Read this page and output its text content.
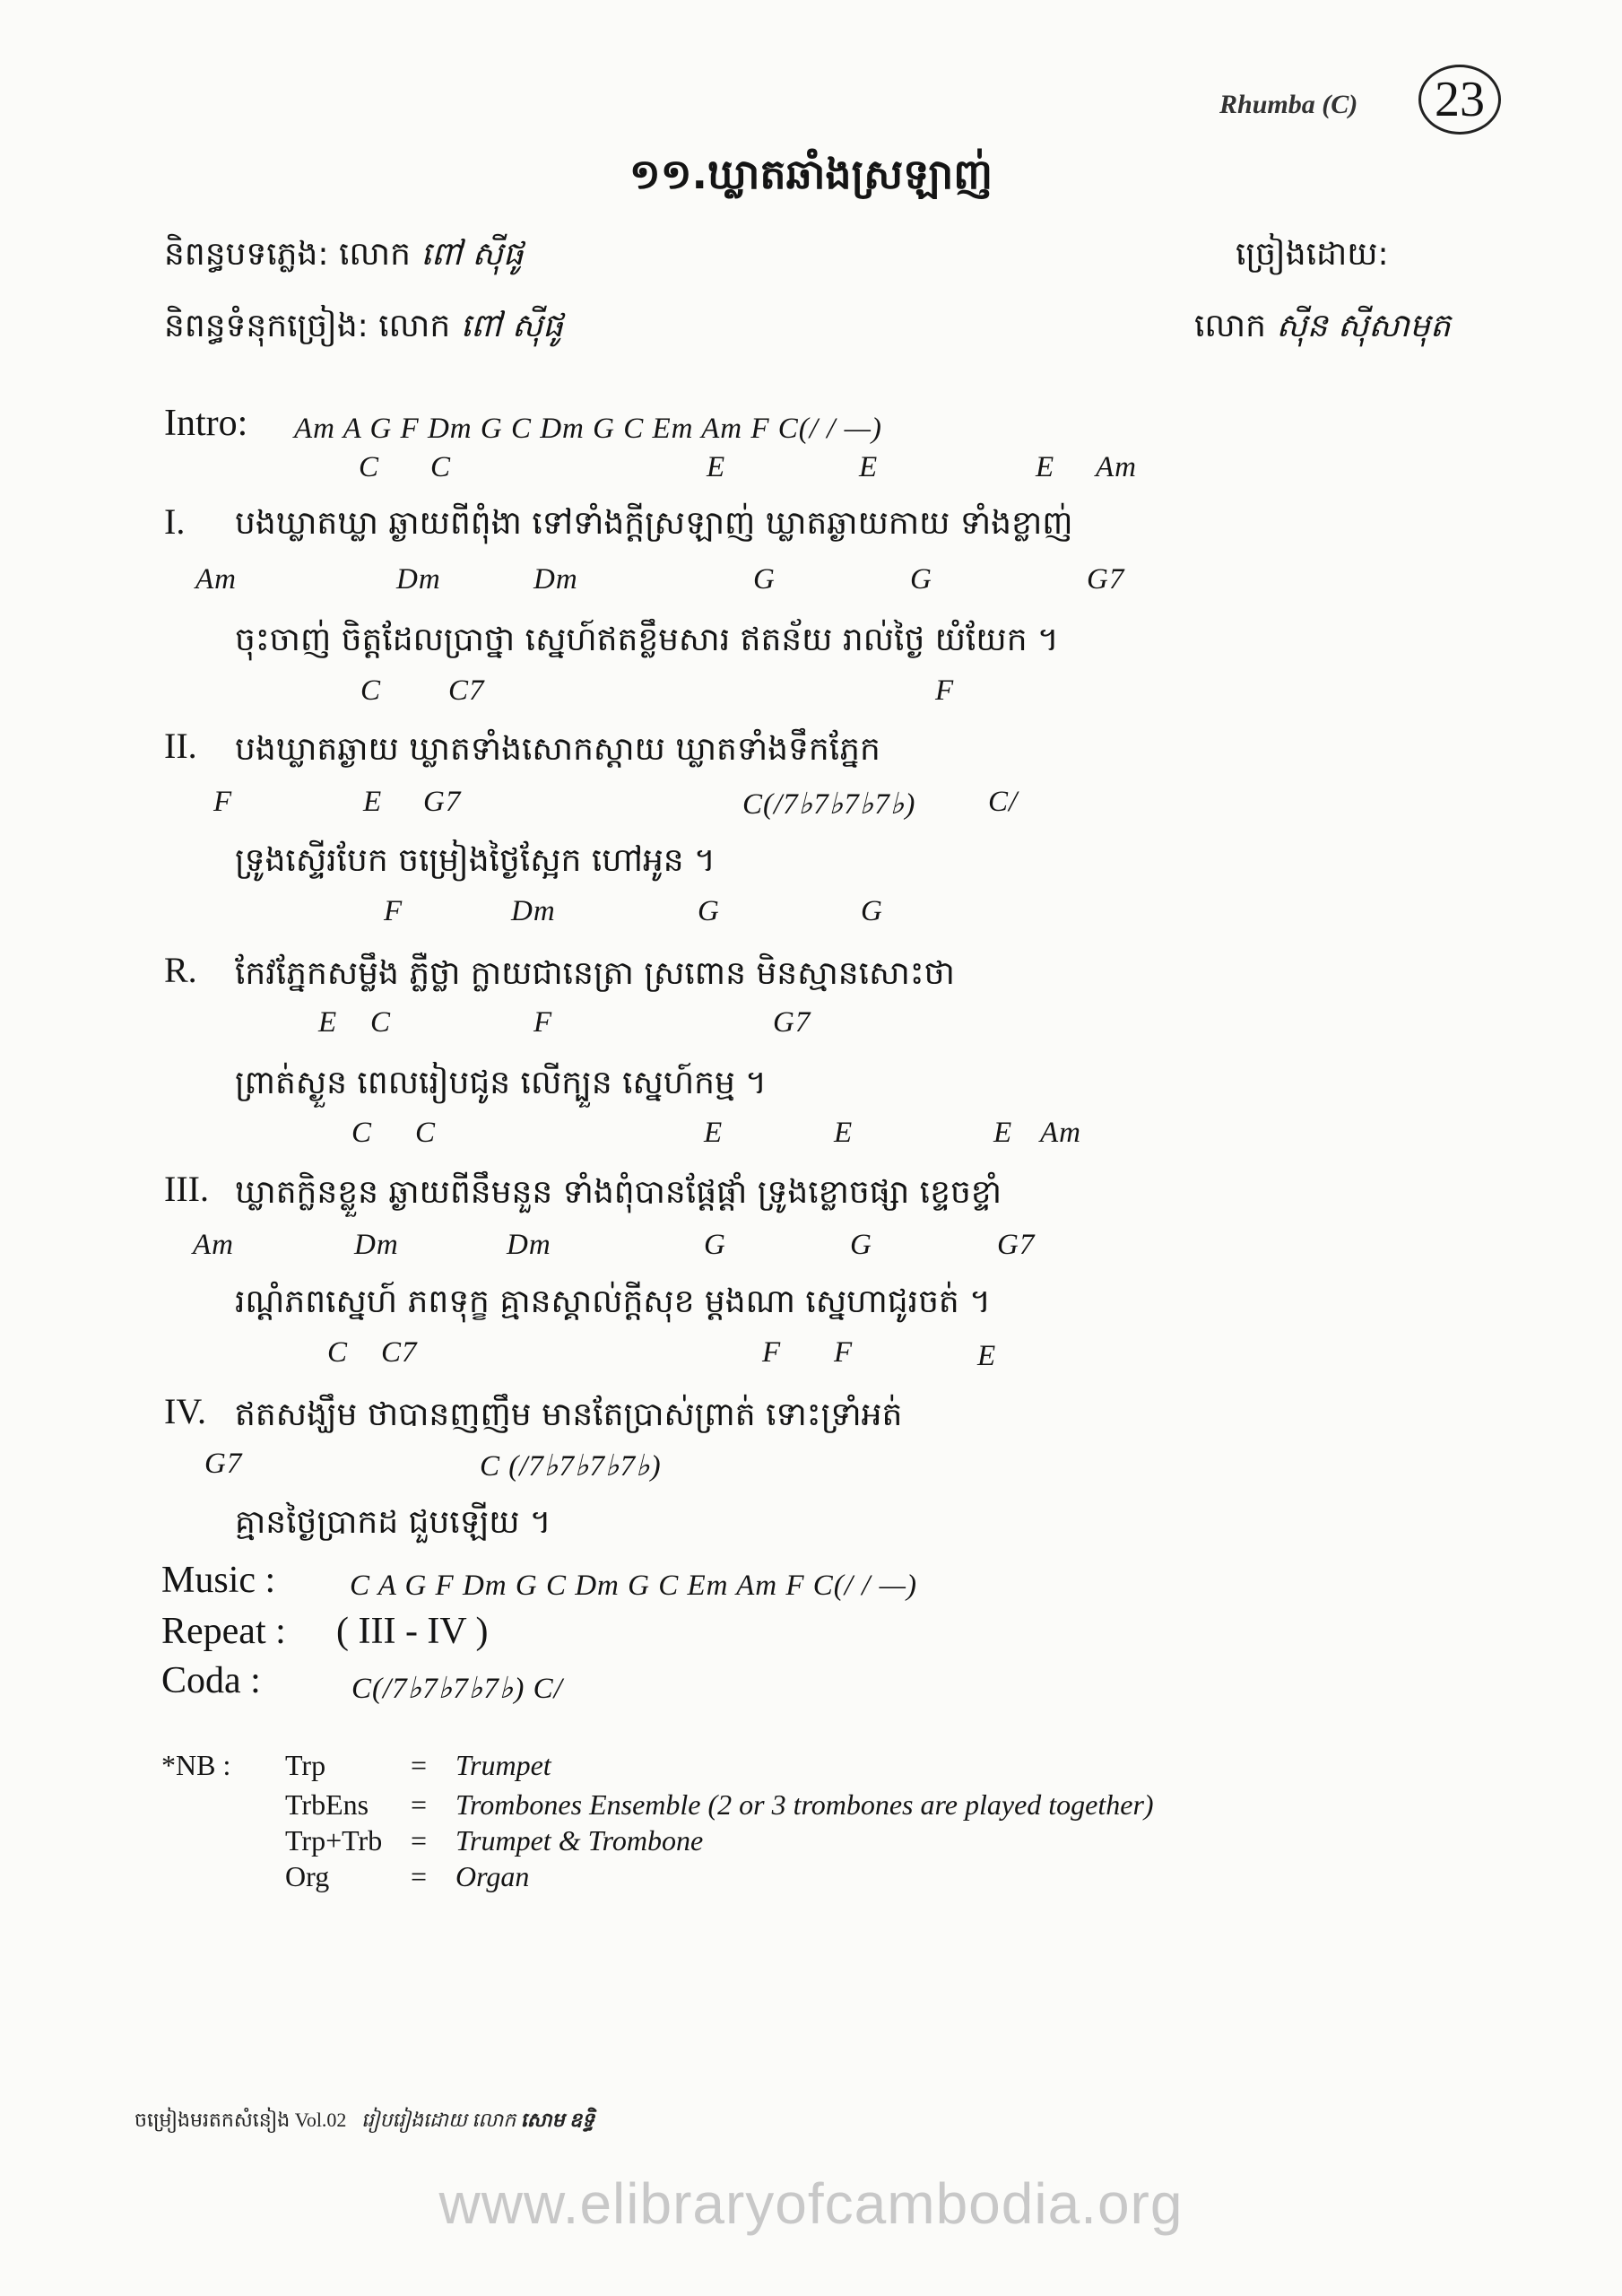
Rhumba (C)	23
១១.ឃ្លាតឆាំងស្រឡាញ់
និពន្ធបទភ្លេង: លោក ពៅ ស៊ីផូ
និពន្ធទំនុកច្រៀង: លោក ពៅ ស៊ីផូ
ច្រៀងដោយ:
លោក ស៊ីន ស៊ីសាមុត
Intro: Am A G F Dm G C Dm G C Em Am F C(/ / —)
C C	E	E	E Am
I. បងឃ្លាតឃ្លា ឆ្ងាយពីពុំងា ទៅទាំងក្តីស្រឡាញ់ ឃ្លាតឆ្ងាយកាយ ទាំងខ្លាញ់
Am	Dm	Dm	G	G	G7
ចុះចាញ់ ចិត្តដែលប្រាថ្នា ស្នេហ៍ឥតខ្លឹមសារ ឥតន័យ រាល់ថ្ងៃ យំយែក ។
C C7	F
II. បងឃ្លាតឆ្ងាយ ឃ្លាតទាំងសោកស្តាយ ឃ្លាតទាំងទឹកភ្នែក
F	E G7	C(/7♭7♭7♭7♭) C/
ទ្រូងស្ទើរបែក ចម្រៀងថ្ងៃស្អែក ហៅអូន ។
F	Dm	G	G
R. កែវភ្នែកសម្លឹង ភ្លឺថ្លា ក្លាយជានេត្រា ស្រពោន មិនស្មានសោះថា
E C	F	G7
ព្រាត់ស្ងួន ពេលរៀបជូន លើក្បួន ស្នេហ៍កម្ម ។
C C	E	E	E Am
III. ឃ្លាតក្លិនខ្លួន ឆ្ងាយពីនឹមនួន ទាំងពុំបានផ្តែផ្តាំ ទ្រូងខ្លោចផ្សា ខ្ទេចខ្ទាំ
Am	Dm	Dm	G	G	G7
រណ្តំភពស្នេហ៍ ភពទុក្ខ គ្មានស្គាល់ក្តីសុខ ម្តងណា ស្នេហាជូរចត់ ។
C C7	F F	E
IV. ឥតសង្ឃឹម ថាបានញញឹម មានតែប្រាស់ព្រាត់ ទោះទ្រាំអត់
G7	C (/7♭7♭7♭7♭)
គ្មានថ្ងៃប្រាកដ ជួបឡើយ ។
Music :	C A G F Dm G C Dm G C Em Am F C(/ / —)
Repeat : ( III - IV )
Coda :	C(/7♭7♭7♭7♭) C/
*NB : Trp	= Trumpet
TrbEns = Trombones Ensemble (2 or 3 trombones are played together)
Trp+Trb = Trumpet & Trombone
Org	= Organ
ចម្រៀងមរតកសំនៀង Vol.02 រៀបរៀងដោយ លោក សោម ឧទ្ធិ
www.elibraryofcambodia.org
